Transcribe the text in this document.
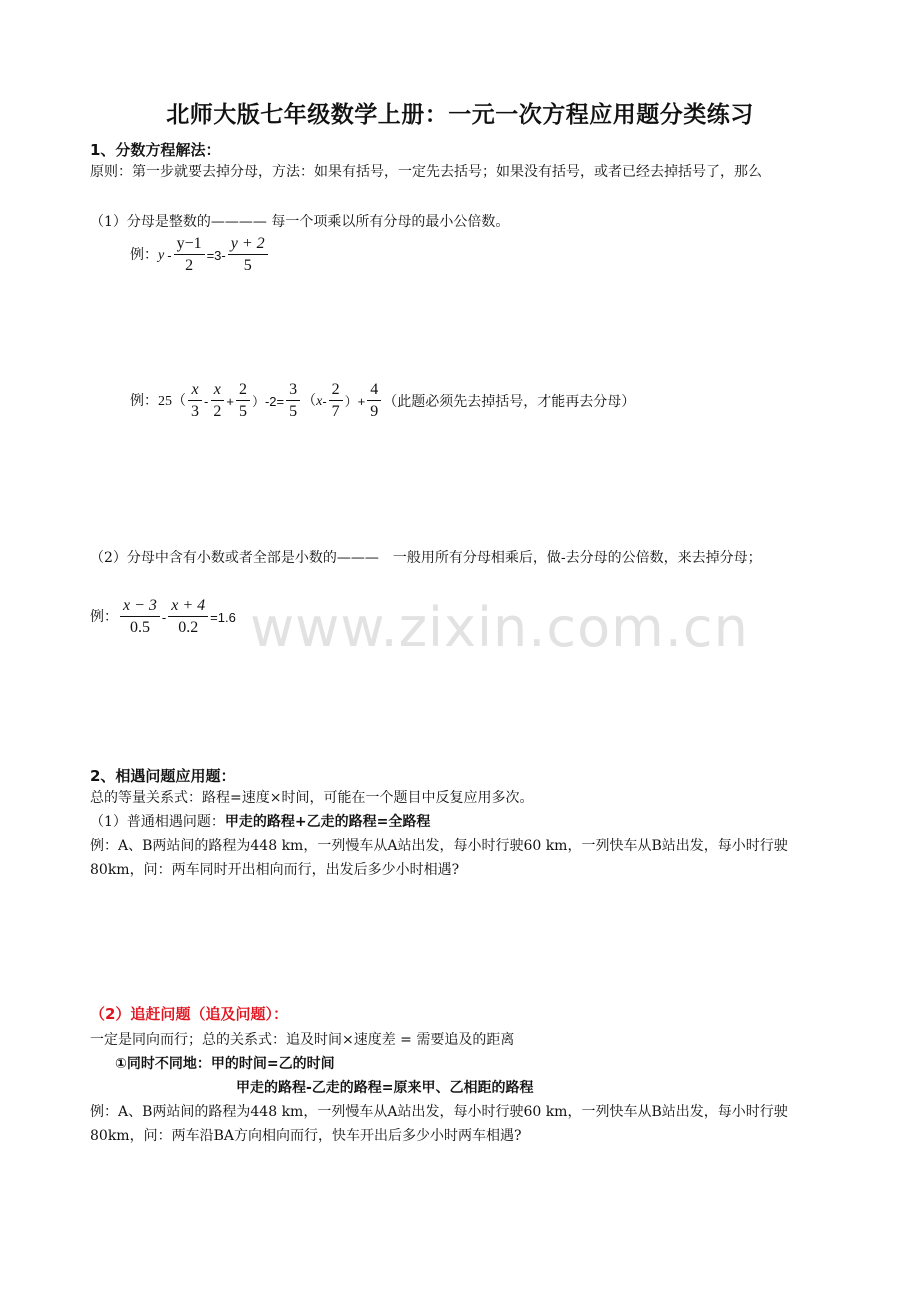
www.zixin.com.cn
北师大版七年级数学上册：一元一次方程应用题分类练习
1、分数方程解法：
原则：第一步就要去掉分母，方法：如果有括号，一定先去括号；如果没有括号，或者已经去掉括号了，那么
（1）分母是整数的———— 每一个项乘以所有分母的最小公倍数。
例： $y - \frac{y-1}{2} =3- \frac{y + 2}{5}$
例：$25( \frac{x}{3} - \frac{x}{2} + \frac{2}{5} )-2= \frac{3}{5}$ （ x - $\frac{2}{7}$ ）+ $\frac{4}{9}$ （此题必须先去掉括号，才能再去分母）
（2）分母中含有小数或者全部是小数的———　一般用所有分母相乘后，做-去分母的公倍数，来去掉分母；
例： $\frac{x - 3}{0.5} - \frac{x + 4}{0.2} =1.6$
2、相遇问题应用题：
总的等量关系式：路程=速度×时间，可能在一个题目中反复应用多次。
（1）普通相遇问题：甲走的路程+乙走的路程=全路程
例：A、B两站间的路程为448 km，一列慢车从A站出发，每小时行驶60 km，一列快车从B站出发，每小时行驶80km，问：两车同时开出相向而行，出发后多少小时相遇?
（2）追赶问题（追及问题）：
一定是同向而行；总的关系式：追及时间×速度差 = 需要追及的距离
①同时不同地：甲的时间=乙的时间
甲走的路程-乙走的路程=原来甲、乙相距的路程
例：A、B两站间的路程为448 km，一列慢车从A站出发，每小时行驶60 km，一列快车从B站出发，每小时行驶80km，问：两车沿BA方向相向而行，快车开出后多少小时两车相遇?
